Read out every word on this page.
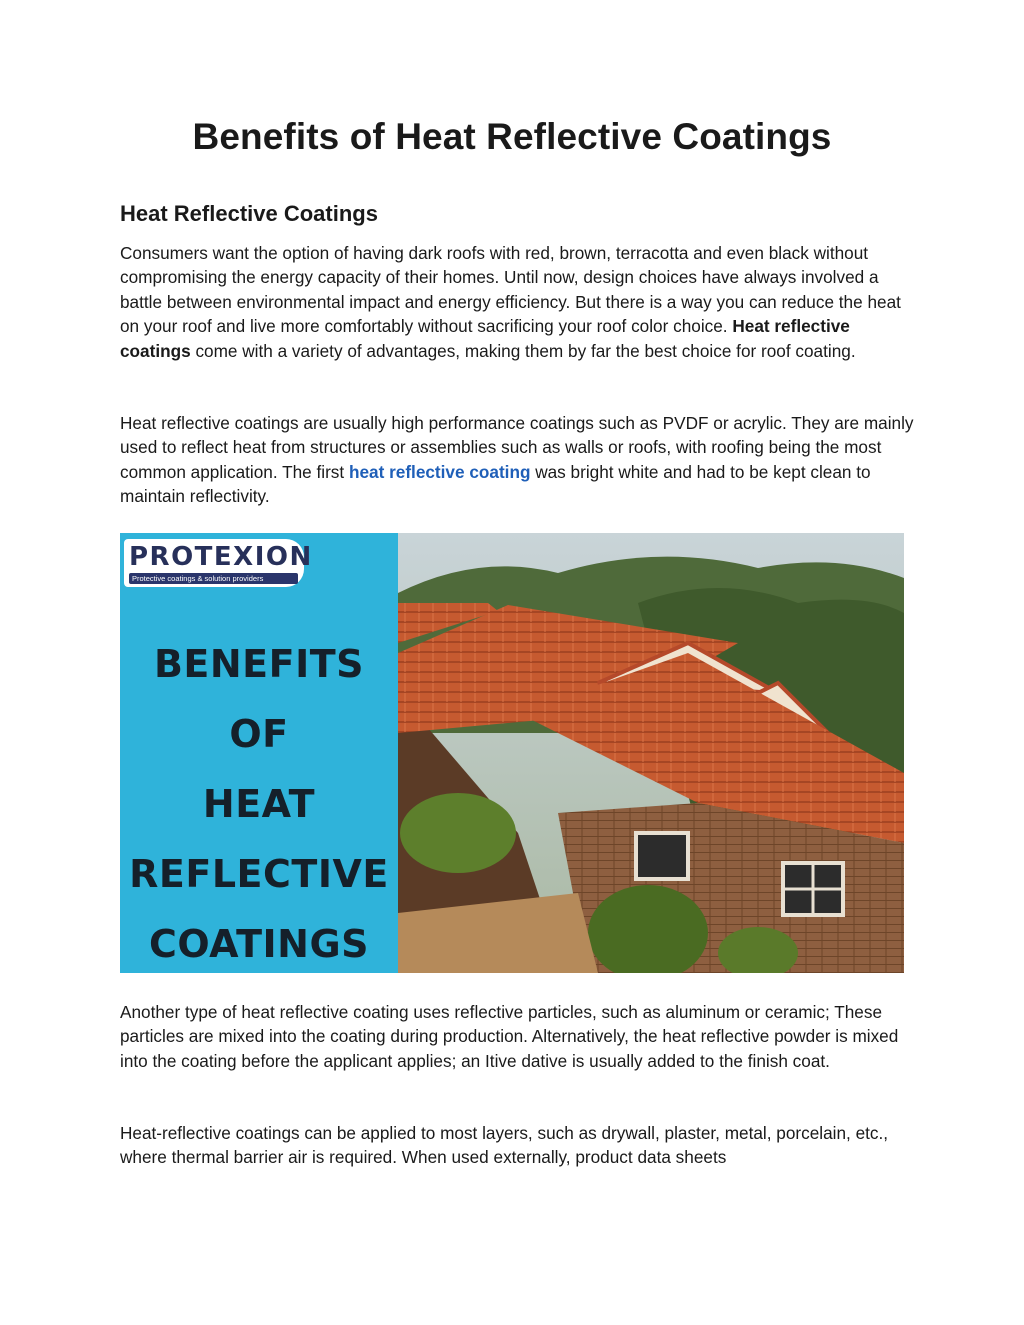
Benefits of Heat Reflective Coatings
Heat Reflective Coatings

Consumers want the option of having dark roofs with red, brown, terracotta and even black without compromising the energy capacity of their homes. Until now, design choices have always involved a battle between environmental impact and energy efficiency. But there is a way you can reduce the heat on your roof and live more comfortably without sacrificing your roof color choice. Heat reflective coatings come with a variety of advantages, making them by far the best choice for roof coating.

Heat reflective coatings are usually high performance coatings such as PVDF or acrylic. They are mainly used to reflect heat from structures or assemblies such as walls or roofs, with roofing being the most common application. The first heat reflective coating was bright white and had to be kept clean to maintain reflectivity.

PROTEXION
Protective coatings & solution providers
BENEFITS OF
HEAT
REFLECTIVE
COATINGS

Another type of heat reflective coating uses reflective particles, such as aluminum or ceramic; These particles are mixed into the coating during production. Alternatively, the heat reflective powder is mixed into the coating before the applicant applies; an Itive dative is usually added to the finish coat.

Heat-reflective coatings can be applied to most layers, such as drywall, plaster, metal, porcelain, etc., where thermal barrier air is required. When used externally, product data sheets
